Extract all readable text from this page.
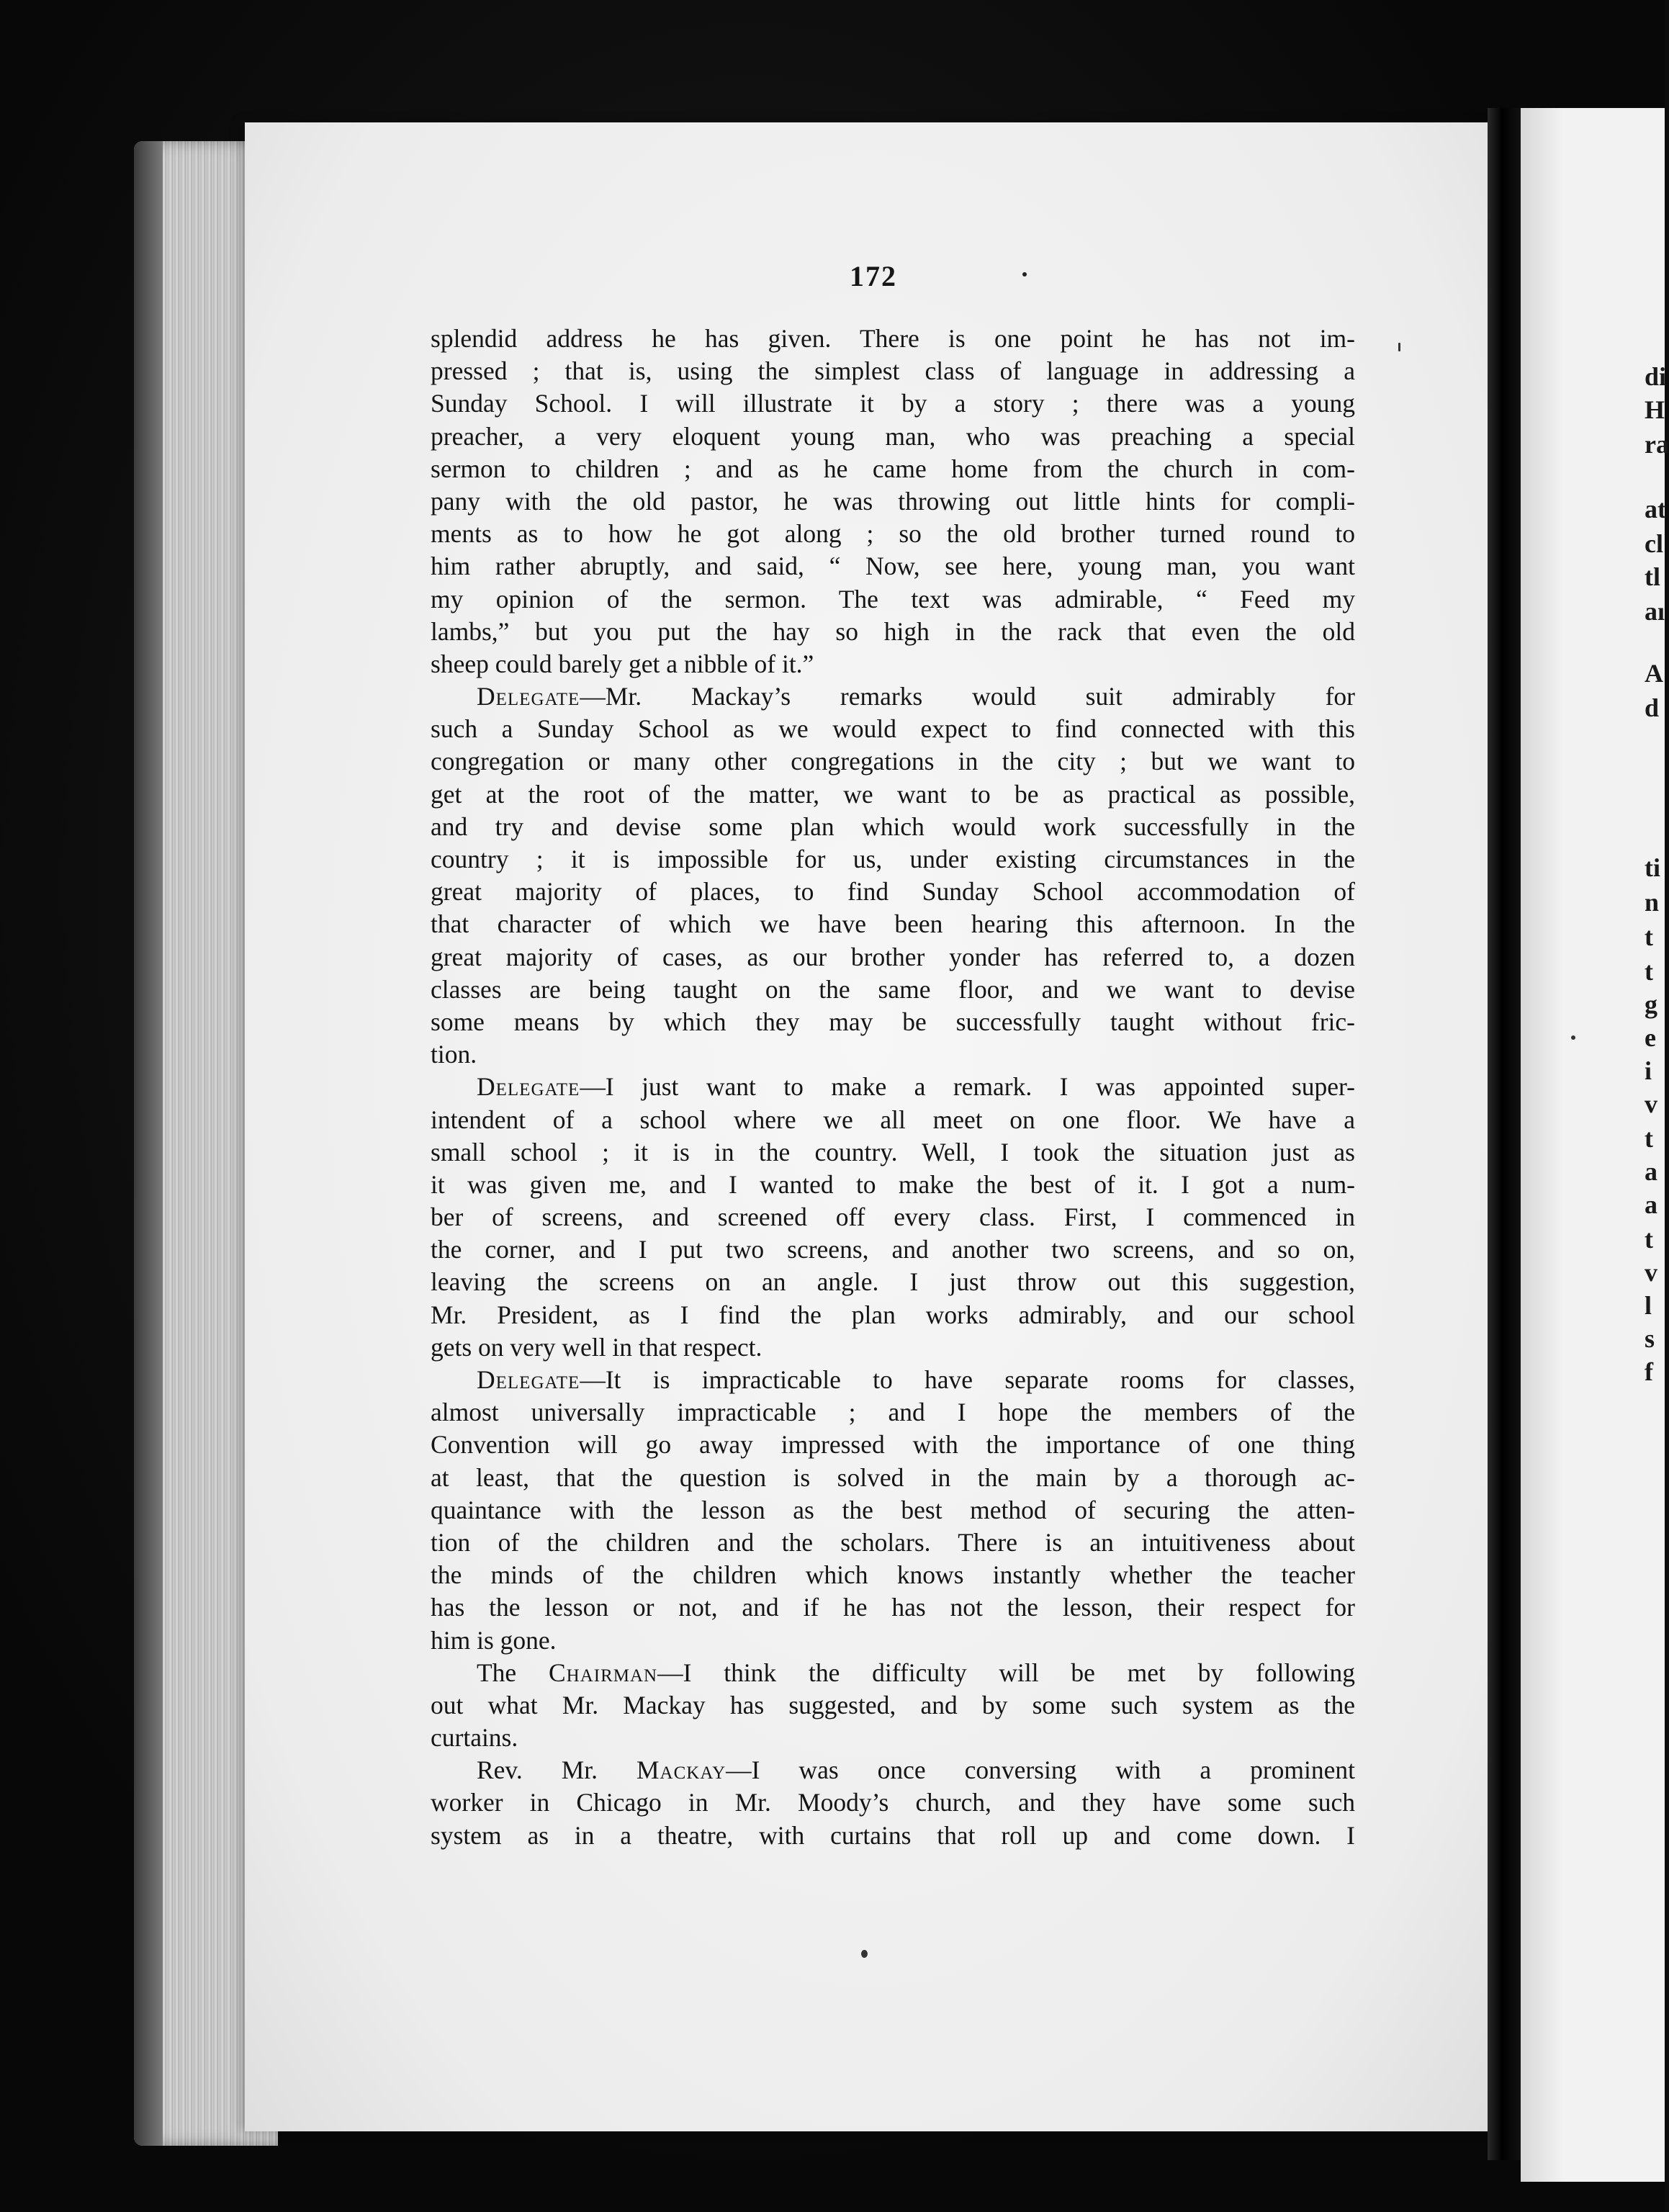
di
H
ra
at
cl
tl
aı
A
d
ti
n
t
t
g
e
i
v
t
a
a
t
v
l
s
f
172
splendid address he has given. There is one point he has not im-
pressed ; that is, using the simplest class of language in addressing a
Sunday School. I will illustrate it by a story ; there was a young
preacher, a very eloquent young man, who was preaching a special
sermon to children ; and as he came home from the church in com-
pany with the old pastor, he was throwing out little hints for compli-
ments as to how he got along ; so the old brother turned round to
him rather abruptly, and said, “ Now, see here, young man, you want
my opinion of the sermon. The text was admirable, “ Feed my
lambs,” but you put the hay so high in the rack that even the old
sheep could barely get a nibble of it.”
Delegate—Mr. Mackay’s remarks would suit admirably for
such a Sunday School as we would expect to find connected with this
congregation or many other congregations in the city ; but we want to
get at the root of the matter, we want to be as practical as possible,
and try and devise some plan which would work successfully in the
country ; it is impossible for us, under existing circumstances in the
great majority of places, to find Sunday School accommodation of
that character of which we have been hearing this afternoon. In the
great majority of cases, as our brother yonder has referred to, a dozen
classes are being taught on the same floor, and we want to devise
some means by which they may be successfully taught without fric-
tion.
Delegate—I just want to make a remark. I was appointed super-
intendent of a school where we all meet on one floor. We have a
small school ; it is in the country. Well, I took the situation just as
it was given me, and I wanted to make the best of it. I got a num-
ber of screens, and screened off every class. First, I commenced in
the corner, and I put two screens, and another two screens, and so on,
leaving the screens on an angle. I just throw out this suggestion,
Mr. President, as I find the plan works admirably, and our school
gets on very well in that respect.
Delegate—It is impracticable to have separate rooms for classes,
almost universally impracticable ; and I hope the members of the
Convention will go away impressed with the importance of one thing
at least, that the question is solved in the main by a thorough ac-
quaintance with the lesson as the best method of securing the atten-
tion of the children and the scholars. There is an intuitiveness about
the minds of the children which knows instantly whether the teacher
has the lesson or not, and if he has not the lesson, their respect for
him is gone.
The Chairman—I think the difficulty will be met by following
out what Mr. Mackay has suggested, and by some such system as the
curtains.
Rev. Mr. Mackay—I was once conversing with a prominent
worker in Chicago in Mr. Moody’s church, and they have some such
system as in a theatre, with curtains that roll up and come down. I
